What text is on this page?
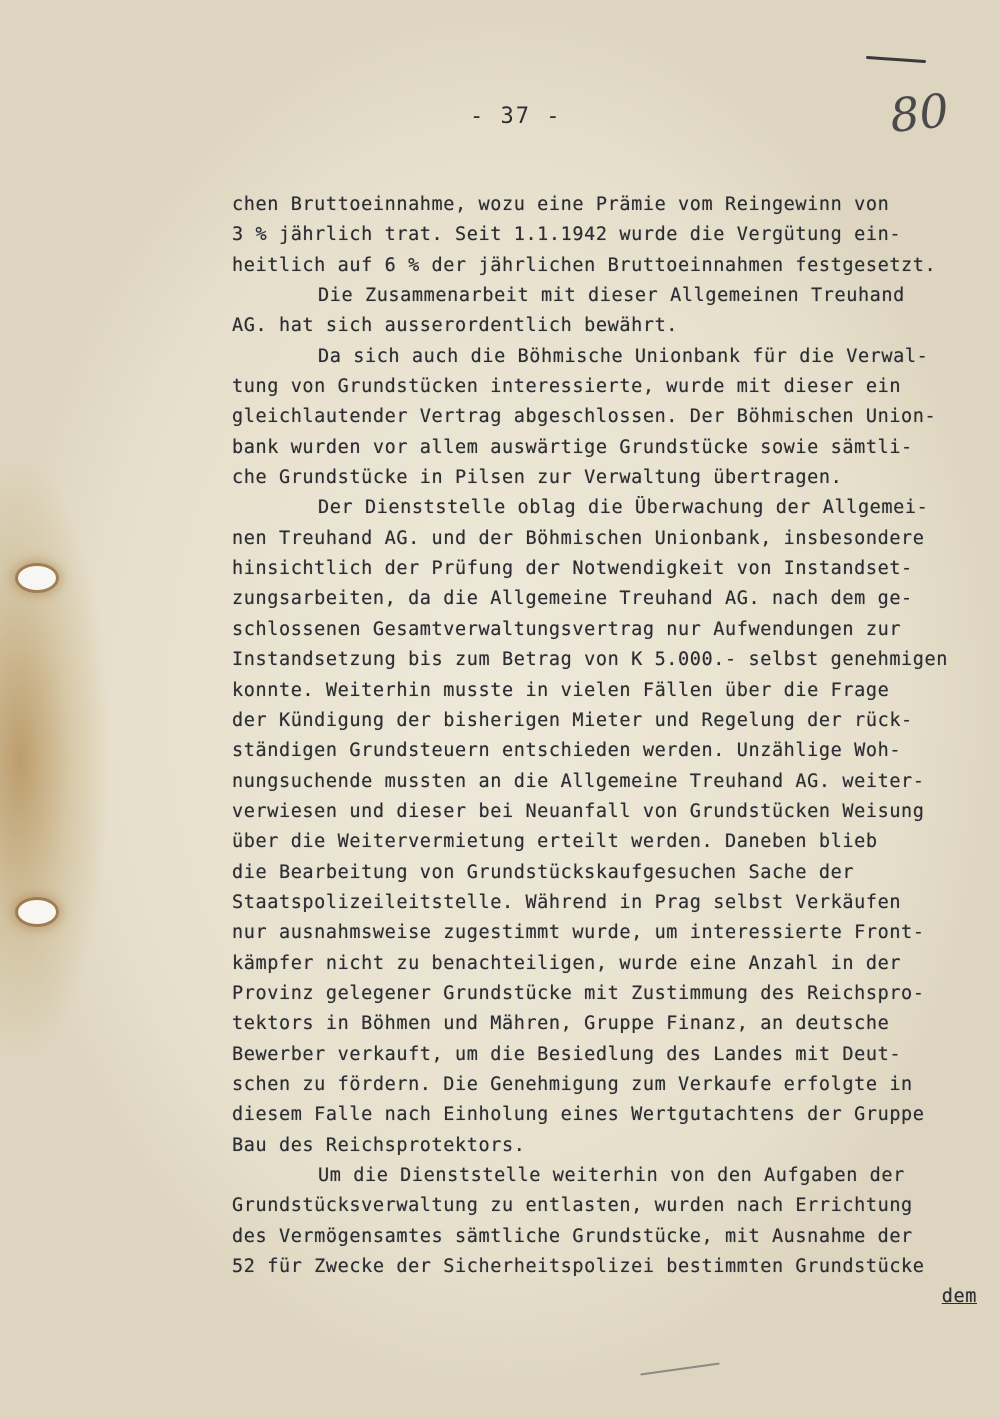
- 37 -	80
chen Bruttoeinnahme, wozu eine Prämie vom Reingewinn von
3 % jährlich trat. Seit 1.1.1942 wurde die Vergütung ein-
heitlich auf 6 % der jährlichen Bruttoeinnahmen festgesetzt.
Die Zusammenarbeit mit dieser Allgemeinen Treuhand
AG. hat sich ausserordentlich bewährt.
Da sich auch die Böhmische Unionbank für die Verwal-
tung von Grundstücken interessierte, wurde mit dieser ein
gleichlautender Vertrag abgeschlossen. Der Böhmischen Union-
bank wurden vor allem auswärtige Grundstücke sowie sämtli-
che Grundstücke in Pilsen zur Verwaltung übertragen.
Der Dienststelle oblag die Überwachung der Allgemei-
nen Treuhand AG. und der Böhmischen Unionbank, insbesondere
hinsichtlich der Prüfung der Notwendigkeit von Instandset-
zungsarbeiten, da die Allgemeine Treuhand AG. nach dem ge-
schlossenen Gesamtverwaltungsvertrag nur Aufwendungen zur
Instandsetzung bis zum Betrag von K 5.000.- selbst genehmigen
konnte. Weiterhin musste in vielen Fällen über die Frage
der Kündigung der bisherigen Mieter und Regelung der rück-
ständigen Grundsteuern entschieden werden. Unzählige Woh-
nungsuchende mussten an die Allgemeine Treuhand AG. weiter-
verwiesen und dieser bei Neuanfall von Grundstücken Weisung
über die Weitervermietung erteilt werden. Daneben blieb
die Bearbeitung von Grundstückskaufgesuchen Sache der
Staatspolizeileitstelle. Während in Prag selbst Verkäufen
nur ausnahmsweise zugestimmt wurde, um interessierte Front-
kämpfer nicht zu benachteiligen, wurde eine Anzahl in der
Provinz gelegener Grundstücke mit Zustimmung des Reichspro-
tektors in Böhmen und Mähren, Gruppe Finanz, an deutsche
Bewerber verkauft, um die Besiedlung des Landes mit Deut-
schen zu fördern. Die Genehmigung zum Verkaufe erfolgte in
diesem Falle nach Einholung eines Wertgutachtens der Gruppe
Bau des Reichsprotektors.
Um die Dienststelle weiterhin von den Aufgaben der
Grundstücksverwaltung zu entlasten, wurden nach Errichtung
des Vermögensamtes sämtliche Grundstücke, mit Ausnahme der
52 für Zwecke der Sicherheitspolizei bestimmten Grundstücke
dem
